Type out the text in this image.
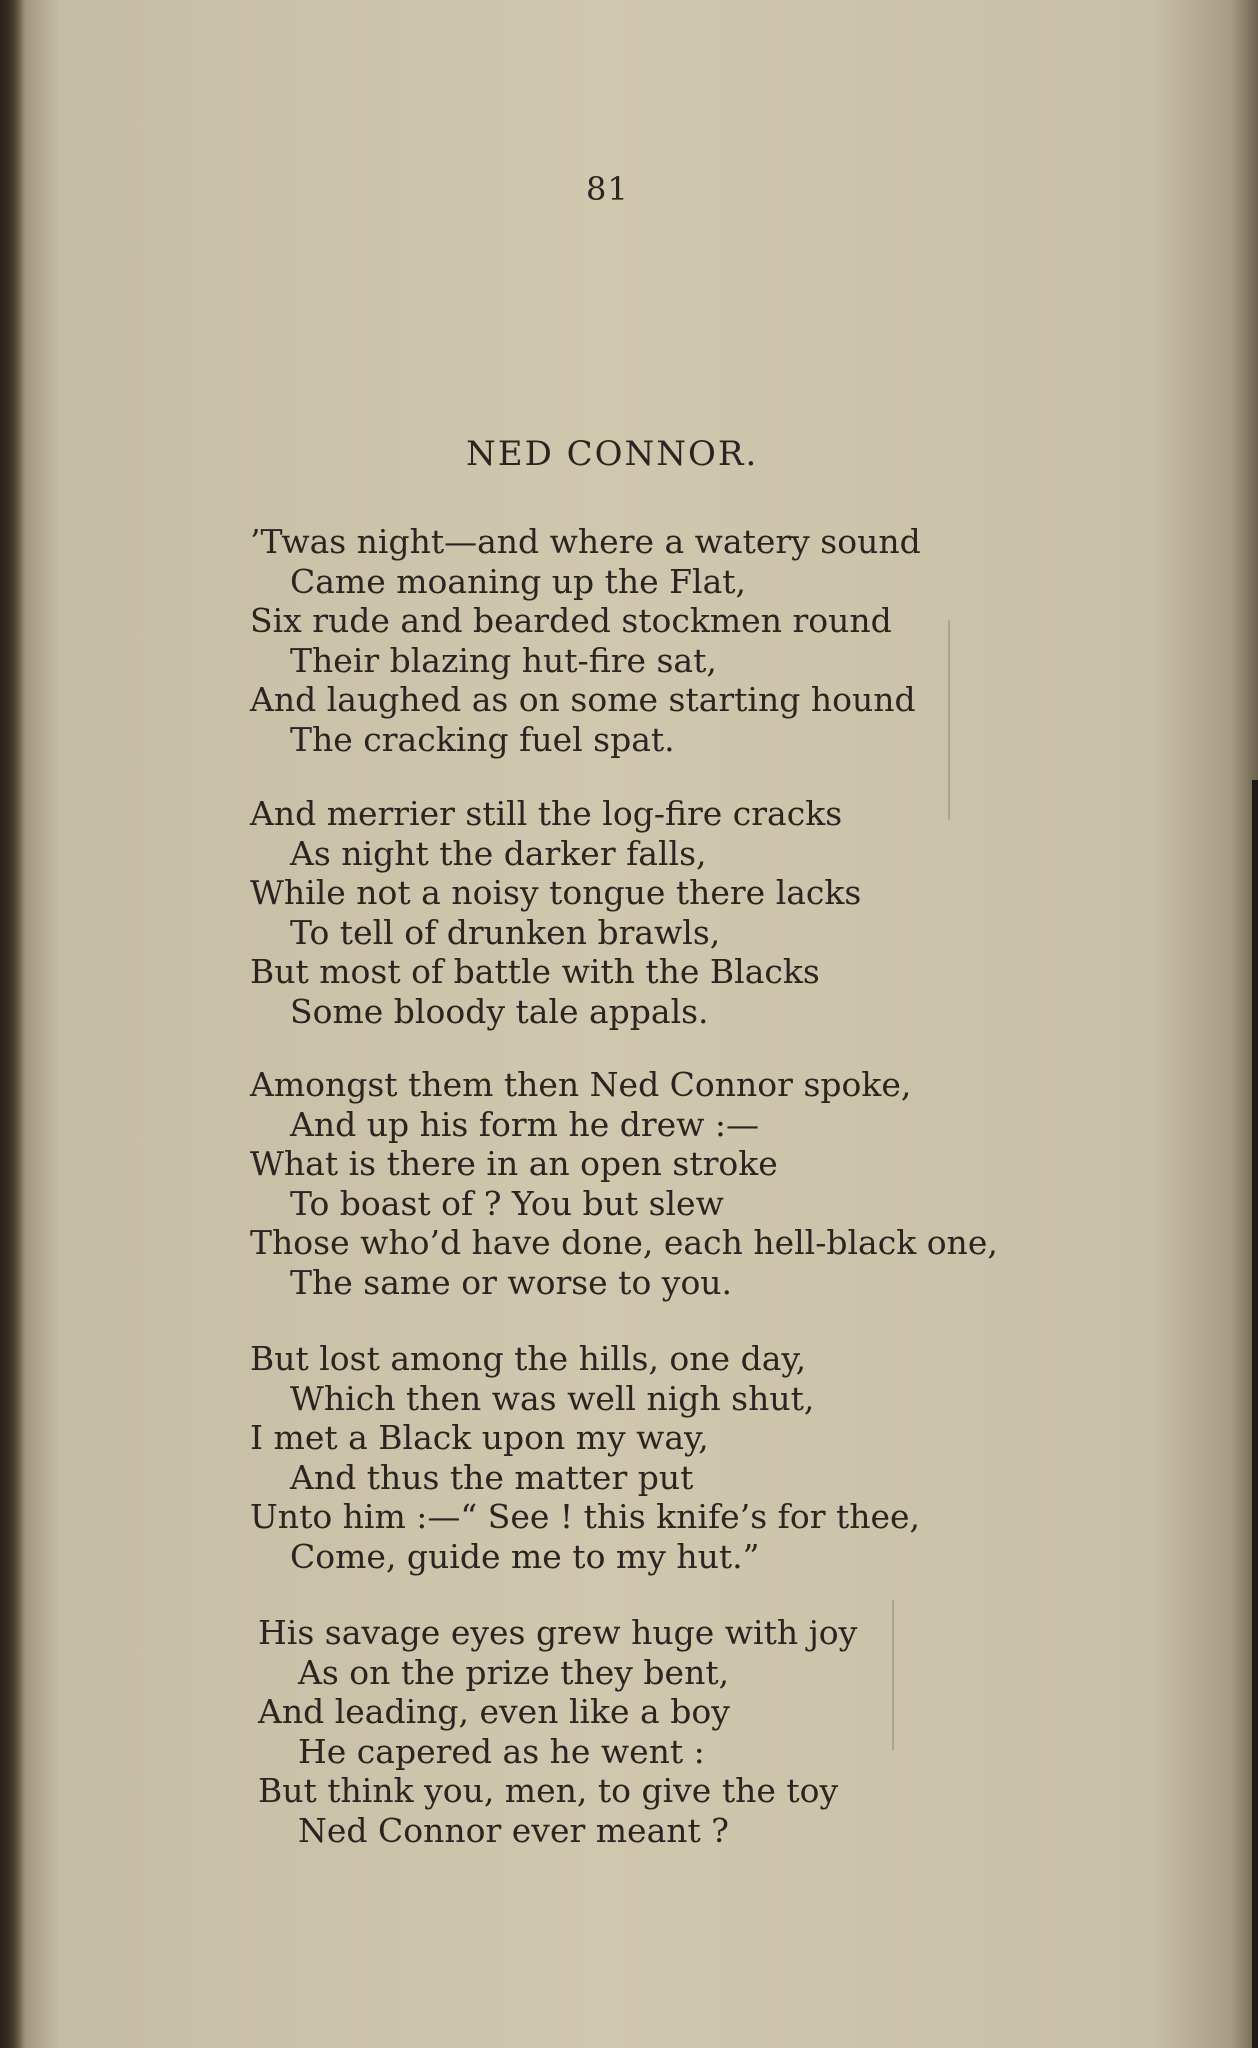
81
NED CONNOR.
’Twas night—and where a watery sound
Came moaning up the Flat,
Six rude and bearded stockmen round
Their blazing hut-fire sat,
And laughed as on some starting hound
The cracking fuel spat.
And merrier still the log-fire cracks
As night the darker falls,
While not a noisy tongue there lacks
To tell of drunken brawls,
But most of battle with the Blacks
Some bloody tale appals.
Amongst them then Ned Connor spoke,
And up his form he drew :—
What is there in an open stroke
To boast of ? You but slew
Those who’d have done, each hell-black one,
The same or worse to you.
But lost among the hills, one day,
Which then was well nigh shut,
I met a Black upon my way,
And thus the matter put
Unto him :—“ See ! this knife’s for thee,
Come, guide me to my hut.”
His savage eyes grew huge with joy
As on the prize they bent,
And leading, even like a boy
He capered as he went :
But think you, men, to give the toy
Ned Connor ever meant ?
